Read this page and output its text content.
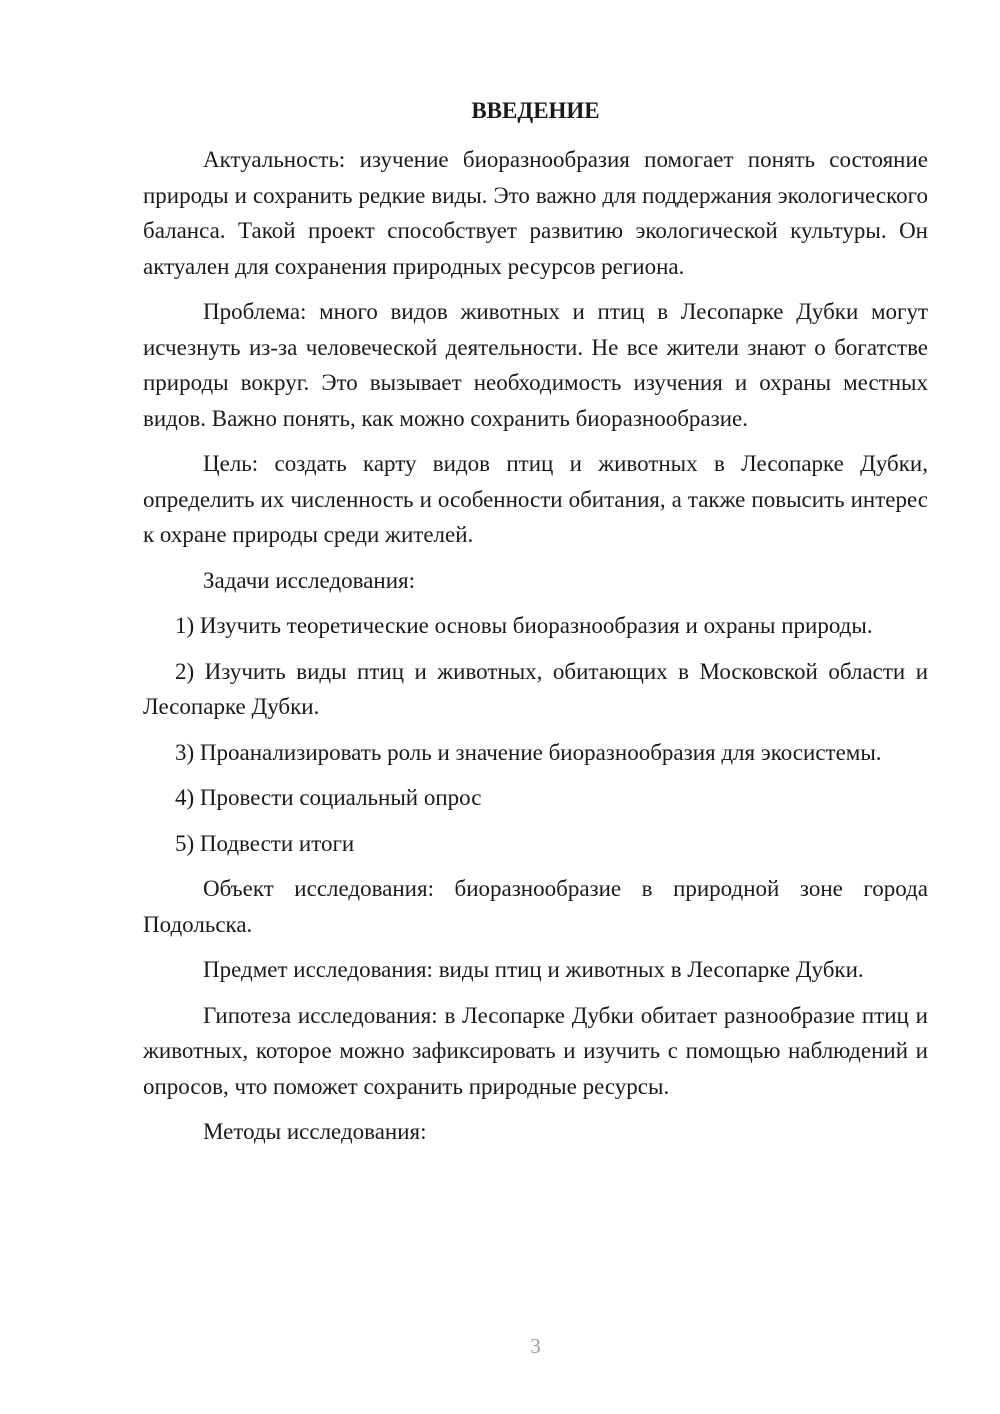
ВВЕДЕНИЕ

Актуальность: изучение биоразнообразия помогает понять состояние природы и сохранить редкие виды. Это важно для поддержания экологического баланса. Такой проект способствует развитию экологической культуры. Он актуален для сохранения природных ресурсов региона.

Проблема: много видов животных и птиц в Лесопарке Дубки могут исчезнуть из-за человеческой деятельности. Не все жители знают о богатстве природы вокруг. Это вызывает необходимость изучения и охраны местных видов. Важно понять, как можно сохранить биоразнообразие.

Цель: создать карту видов птиц и животных в Лесопарке Дубки, определить их численность и особенности обитания, а также повысить интерес к охране природы среди жителей.

Задачи исследования:

1) Изучить теоретические основы биоразнообразия и охраны природы.

2) Изучить виды птиц и животных, обитающих в Московской области и Лесопарке Дубки.

3) Проанализировать роль и значение биоразнообразия для экосистемы.

4) Провести социальный опрос

5) Подвести итоги

Объект исследования: биоразнообразие в природной зоне города Подольска.

Предмет исследования: виды птиц и животных в Лесопарке Дубки.

Гипотеза исследования: в Лесопарке Дубки обитает разнообразие птиц и животных, которое можно зафиксировать и изучить с помощью наблюдений и опросов, что поможет сохранить природные ресурсы.

Методы исследования:

3
